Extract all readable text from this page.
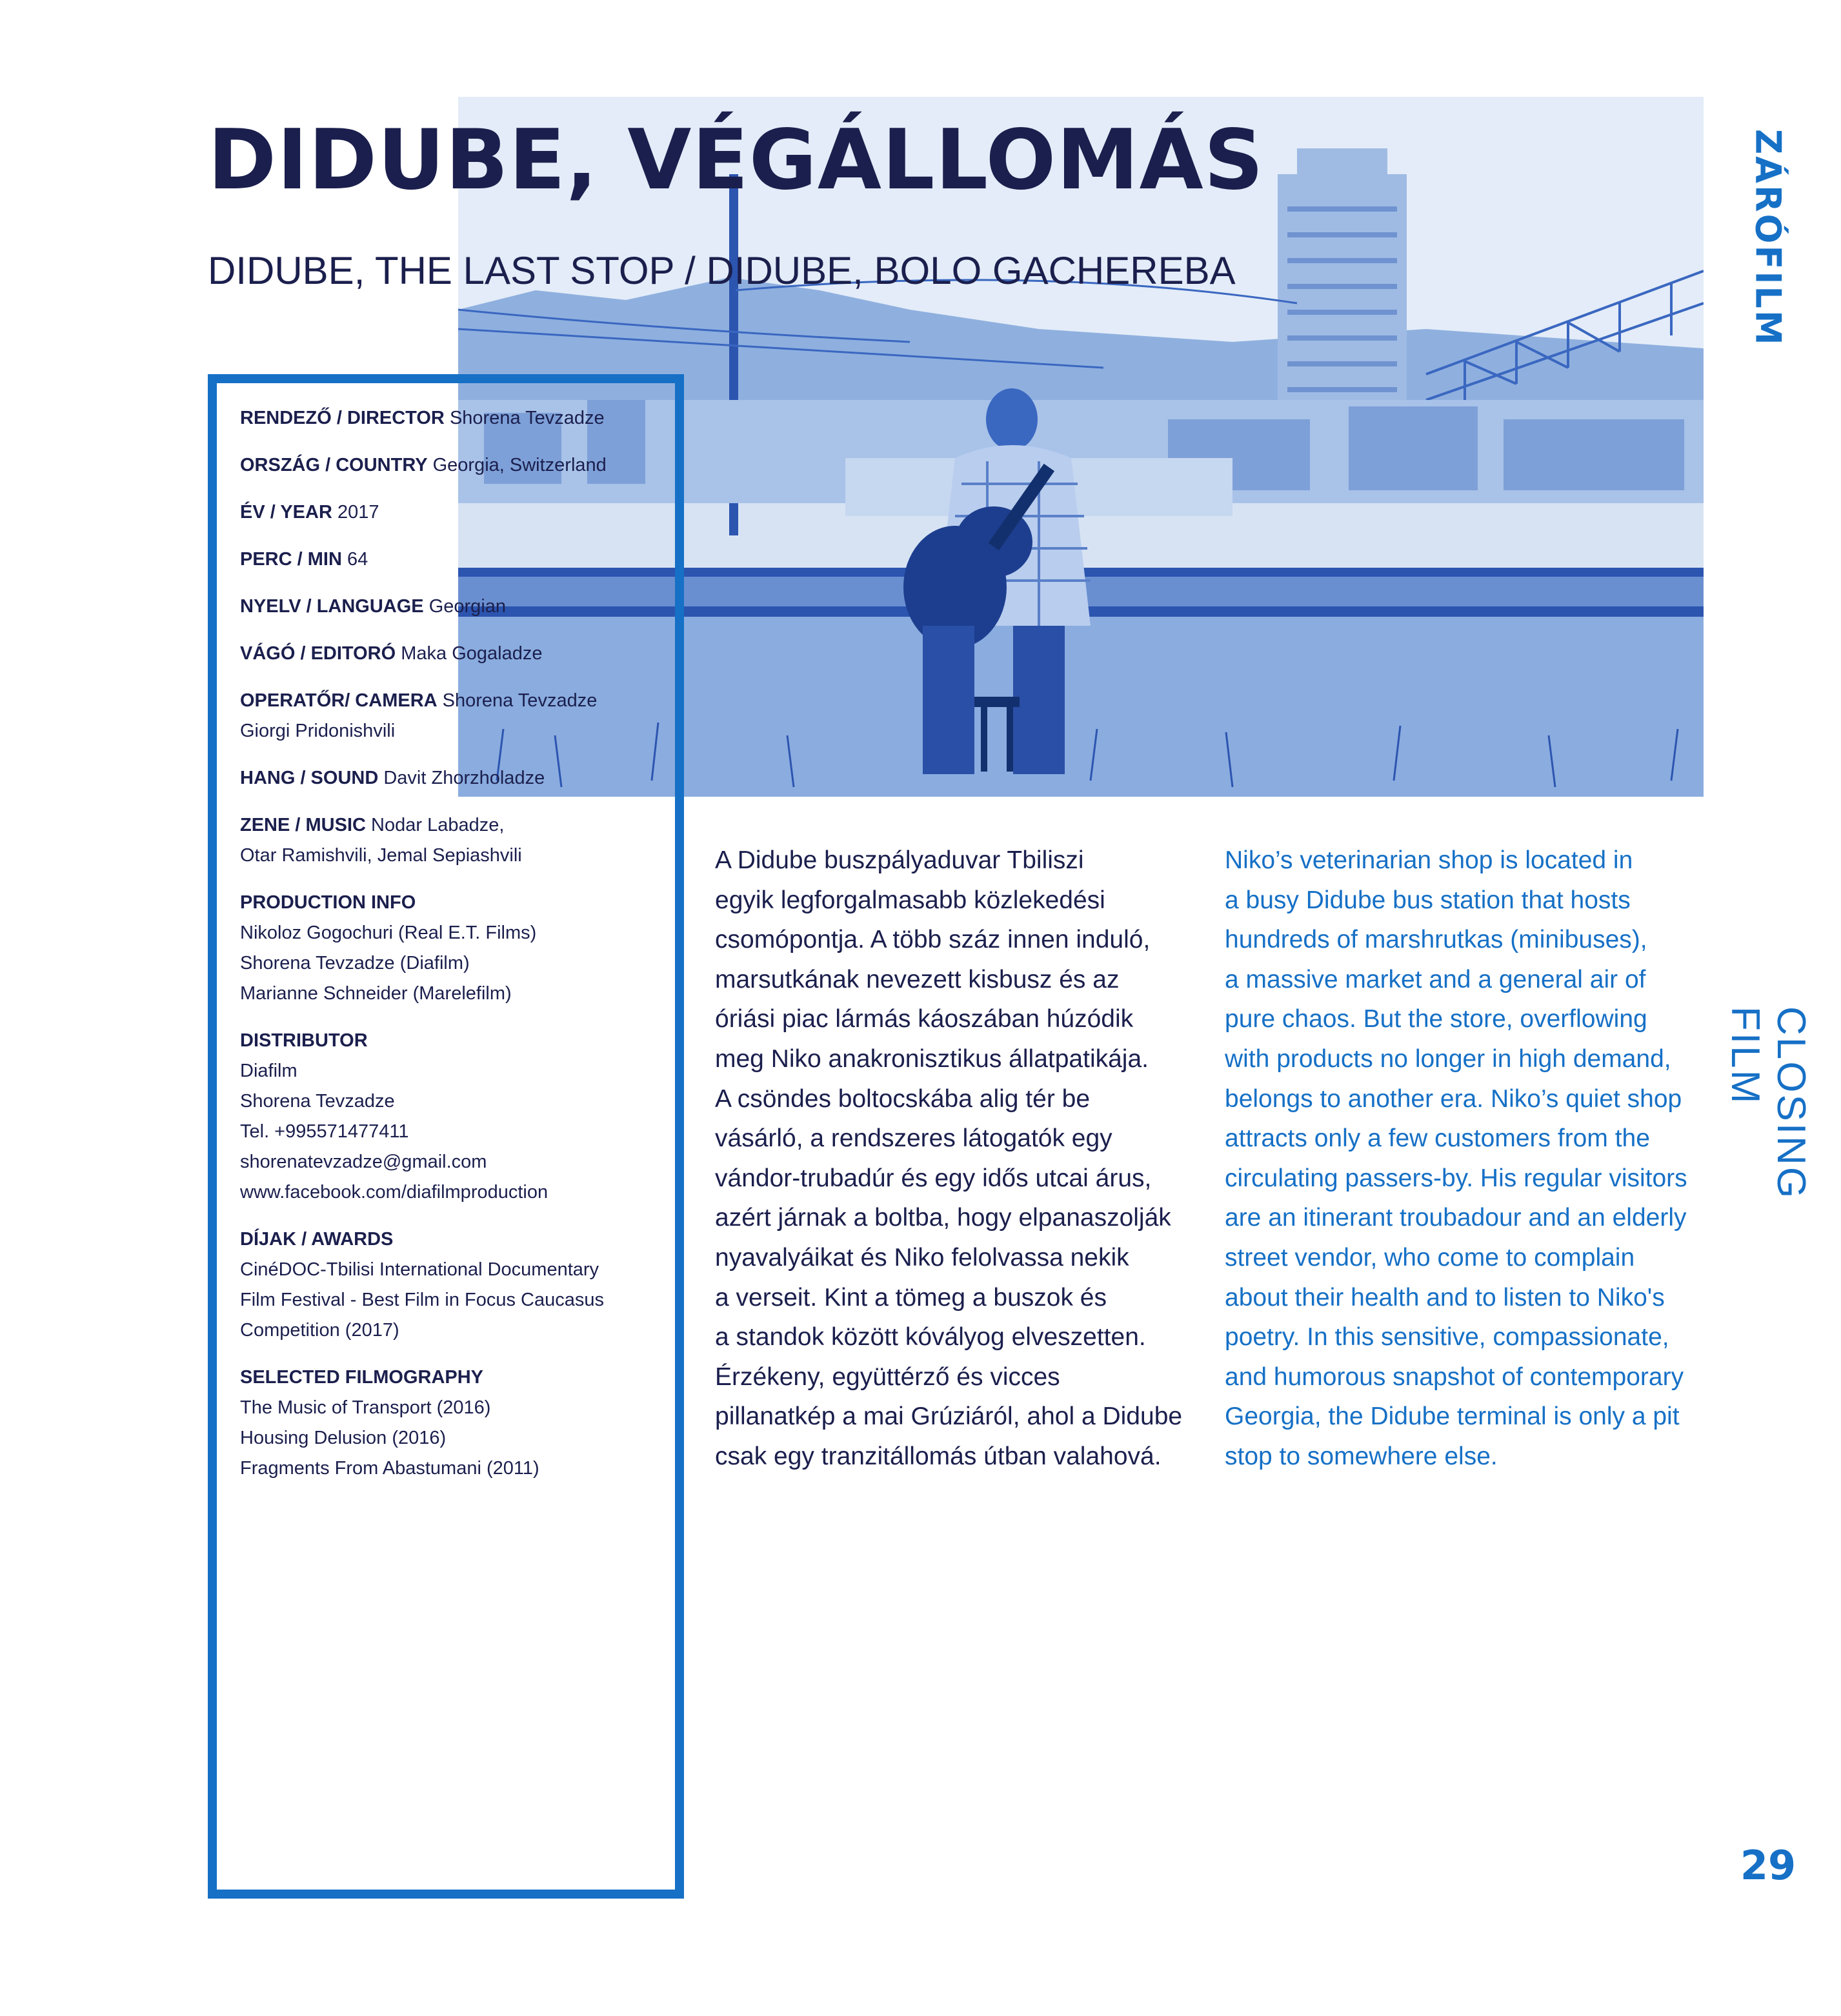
DIDUBE, VÉGÁLLOMÁS
DIDUBE, THE LAST STOP / DIDUBE, BOLO GACHEREBA	ZÁRÓFILM
CLOSING FILM
29
RENDEZŐ / DIRECTOR Shorena Tevzadze
ORSZÁG / COUNTRY Georgia, Switzerland
ÉV / YEAR 2017
PERC / MIN 64
NYELV / LANGUAGE Georgian
VÁGÓ / EDITORÓ Maka Gogaladze
OPERATŐR/ CAMERA Shorena Tevzadze
Giorgi Pridonishvili
HANG / SOUND Davit Zhorzholadze
ZENE / MUSIC Nodar Labadze,
Otar Ramishvili, Jemal Sepiashvili
PRODUCTION INFO
Nikoloz Gogochuri (Real E.T. Films)
Shorena Tevzadze (Diafilm)
Marianne Schneider (Marelefilm)
DISTRIBUTOR
Diafilm
Shorena Tevzadze
Tel. +995571477411
shorenatevzadze@gmail.com
www.facebook.com/diafilmproduction
DÍJAK / AWARDS
CinéDOC-Tbilisi International Documentary
Film Festival - Best Film in Focus Caucasus
Competition (2017)
SELECTED FILMOGRAPHY
The Music of Transport (2016)
Housing Delusion (2016)
Fragments From Abastumani (2011)
A Didube buszpályaduvar Tbiliszi
egyik legforgalmasabb közlekedési
csomópontja. A több száz innen induló,
marsutkának nevezett kisbusz és az
óriási piac lármás káoszában húzódik
meg Niko anakronisztikus állatpatikája.
A csöndes boltocskába alig tér be
vásárló, a rendszeres látogatók egy
vándor-trubadúr és egy idős utcai árus,
azért járnak a boltba, hogy elpanaszolják
nyavalyáikat és Niko felolvassa nekik
a verseit. Kint a tömeg a buszok és
a standok között kóvályog elveszetten.
Érzékeny, együttérző és vicces
pillanatkép a mai Grúziáról, ahol a Didube
csak egy tranzitállomás útban valahová.
Niko’s veterinarian shop is located in
a busy Didube bus station that hosts
hundreds of marshrutkas (minibuses),
a massive market and a general air of
pure chaos. But the store, overflowing
with products no longer in high demand,
belongs to another era. Niko’s quiet shop
attracts only a few customers from the
circulating passers-by. His regular visitors
are an itinerant troubadour and an elderly
street vendor, who come to complain
about their health and to listen to Niko's
poetry. In this sensitive, compassionate,
and humorous snapshot of contemporary
Georgia, the Didube terminal is only a pit
stop to somewhere else.
